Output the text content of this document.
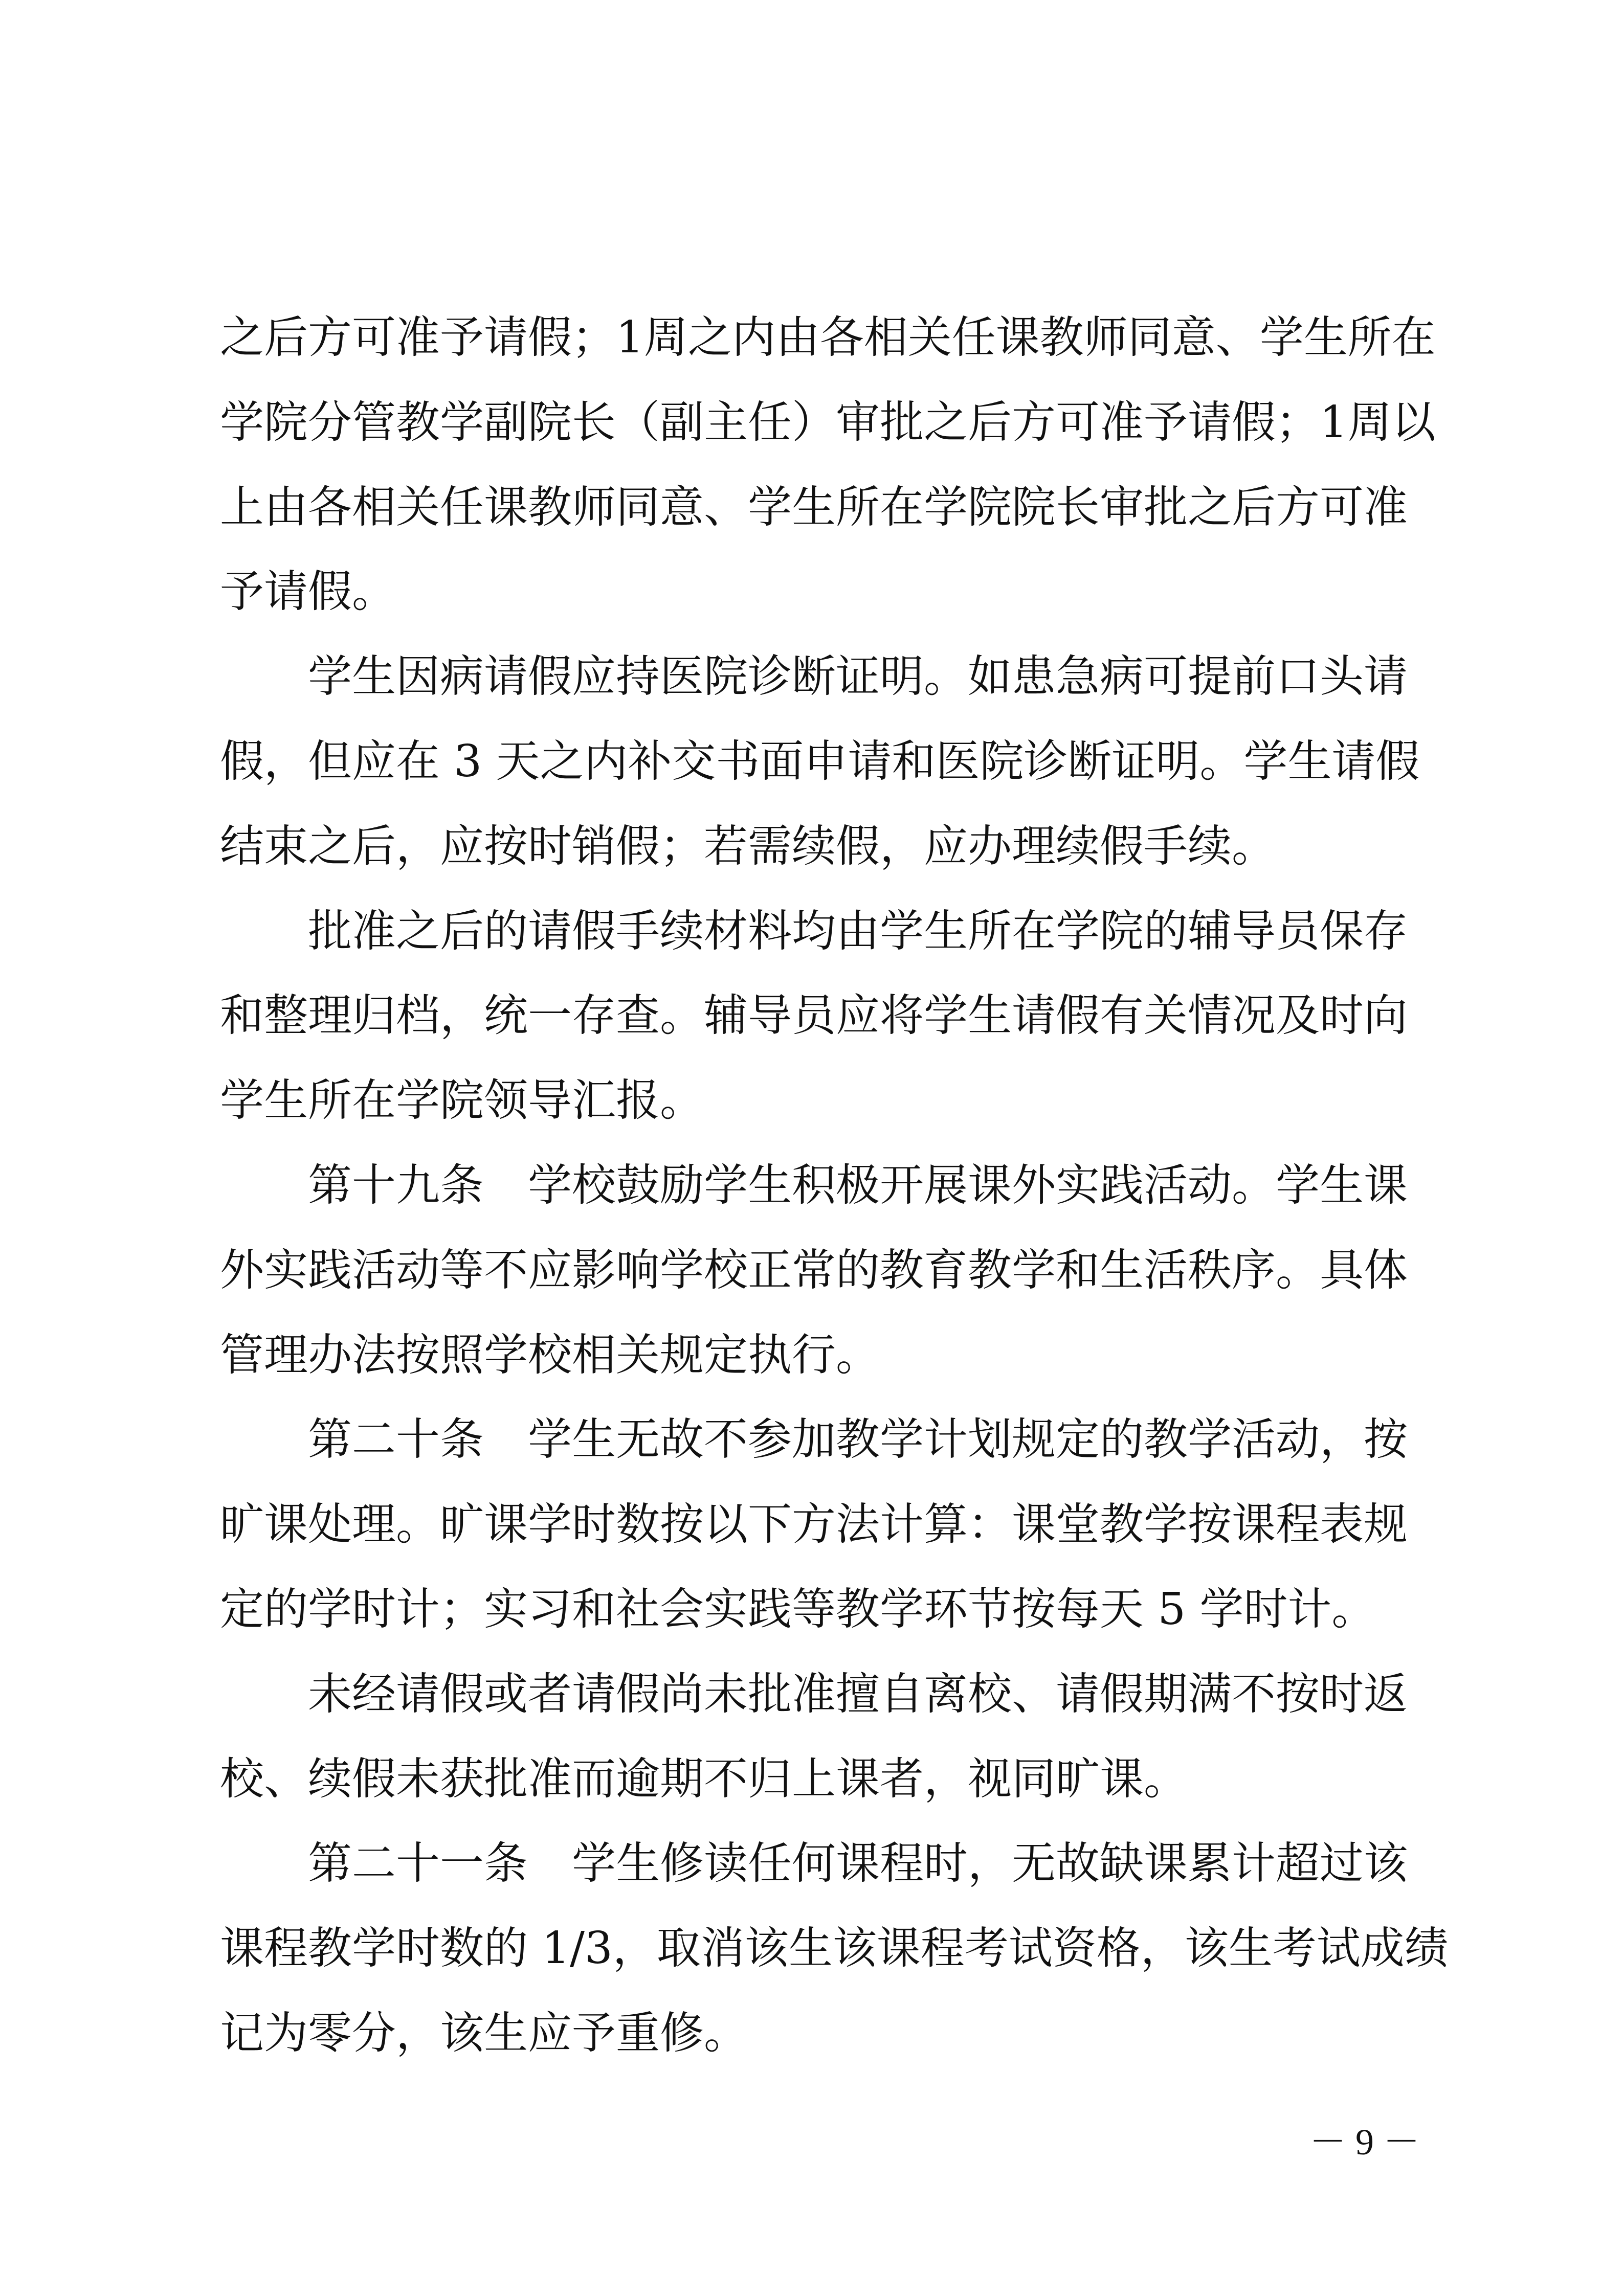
之后方可准予请假；1周之内由各相关任课教师同意、学生所在
学院分管教学副院长（副主任）审批之后方可准予请假；1周以
上由各相关任课教师同意、学生所在学院院长审批之后方可准
予请假。
学生因病请假应持医院诊断证明。如患急病可提前口头请
假，但应在 3 天之内补交书面申请和医院诊断证明。学生请假
结束之后，应按时销假；若需续假，应办理续假手续。
批准之后的请假手续材料均由学生所在学院的辅导员保存
和整理归档，统一存查。辅导员应将学生请假有关情况及时向
学生所在学院领导汇报。
第十九条　学校鼓励学生积极开展课外实践活动。学生课
外实践活动等不应影响学校正常的教育教学和生活秩序。具体
管理办法按照学校相关规定执行。
第二十条　学生无故不参加教学计划规定的教学活动，按
旷课处理。旷课学时数按以下方法计算：课堂教学按课程表规
定的学时计；实习和社会实践等教学环节按每天 5 学时计。
未经请假或者请假尚未批准擅自离校、请假期满不按时返
校、续假未获批准而逾期不归上课者，视同旷课。
第二十一条　学生修读任何课程时，无故缺课累计超过该
课程教学时数的 1/3，取消该生该课程考试资格，该生考试成绩
记为零分，该生应予重修。
－ 9 －
